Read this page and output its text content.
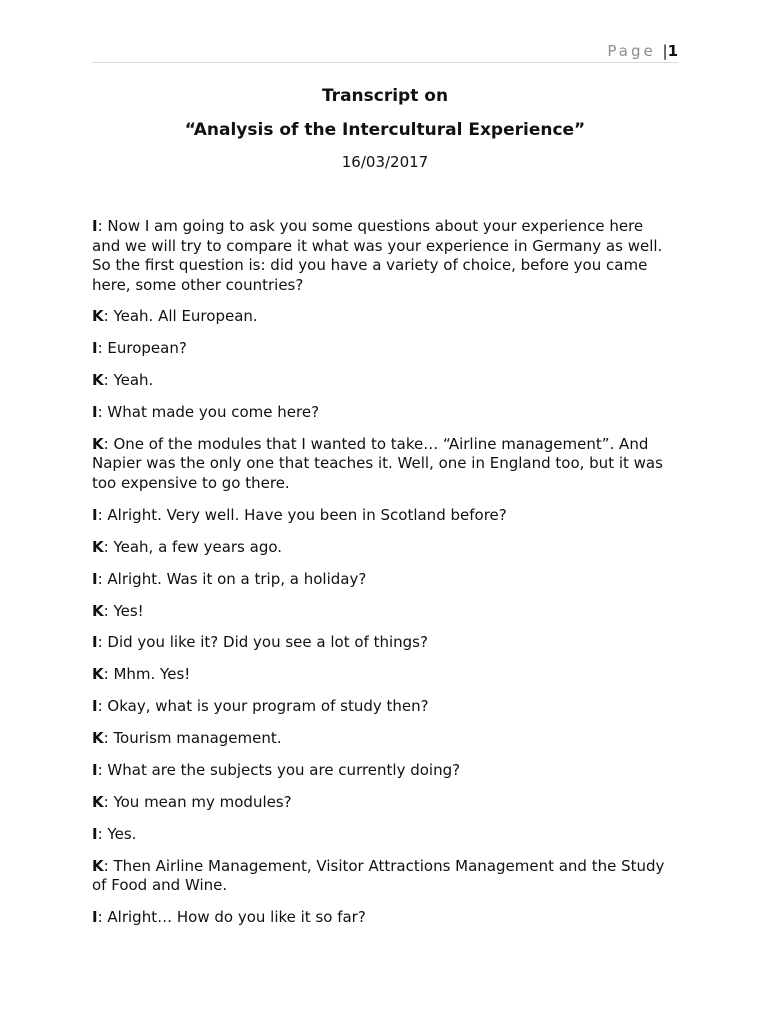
Page |1

Transcript on

“Analysis of the Intercultural Experience”

16/03/2017

I: Now I am going to ask you some questions about your experience here and we will try to compare it what was your experience in Germany as well. So the first question is: did you have a variety of choice, before you came here, some other countries?

K: Yeah. All European.

I: European?

K: Yeah.

I: What made you come here?

K: One of the modules that I wanted to take… “Airline management”. And Napier was the only one that teaches it. Well, one in England too, but it was too expensive to go there.

I: Alright. Very well. Have you been in Scotland before?

K: Yeah, a few years ago.

I: Alright. Was it on a trip, a holiday?

K: Yes!

I: Did you like it? Did you see a lot of things?

K: Mhm. Yes!

I: Okay, what is your program of study then?

K: Tourism management.

I: What are the subjects you are currently doing?

K: You mean my modules?

I: Yes.

K: Then Airline Management, Visitor Attractions Management and the Study of Food and Wine.

I: Alright… How do you like it so far?
